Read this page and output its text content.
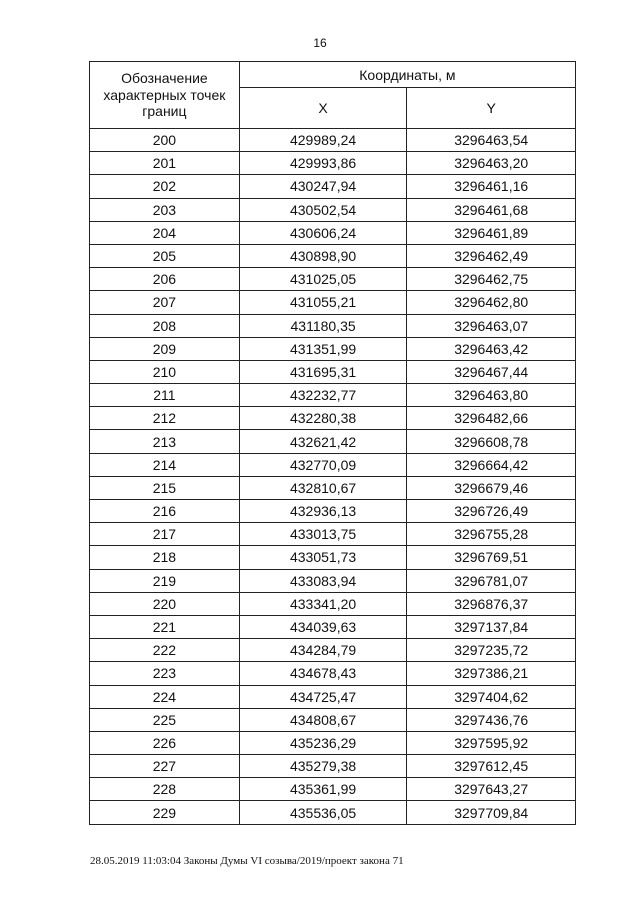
16
Обозначение характерных точек границ	Координаты, м	
	X	Y
200	429989,24	3296463,54
201	429993,86	3296463,20
202	430247,94	3296461,16
203	430502,54	3296461,68
204	430606,24	3296461,89
205	430898,90	3296462,49
206	431025,05	3296462,75
207	431055,21	3296462,80
208	431180,35	3296463,07
209	431351,99	3296463,42
210	431695,31	3296467,44
211	432232,77	3296463,80
212	432280,38	3296482,66
213	432621,42	3296608,78
214	432770,09	3296664,42
215	432810,67	3296679,46
216	432936,13	3296726,49
217	433013,75	3296755,28
218	433051,73	3296769,51
219	433083,94	3296781,07
220	433341,20	3296876,37
221	434039,63	3297137,84
222	434284,79	3297235,72
223	434678,43	3297386,21
224	434725,47	3297404,62
225	434808,67	3297436,76
226	435236,29	3297595,92
227	435279,38	3297612,45
228	435361,99	3297643,27
229	435536,05	3297709,84
28.05.2019 11:03:04 Законы Думы VI созыва/2019/проект закона 71
